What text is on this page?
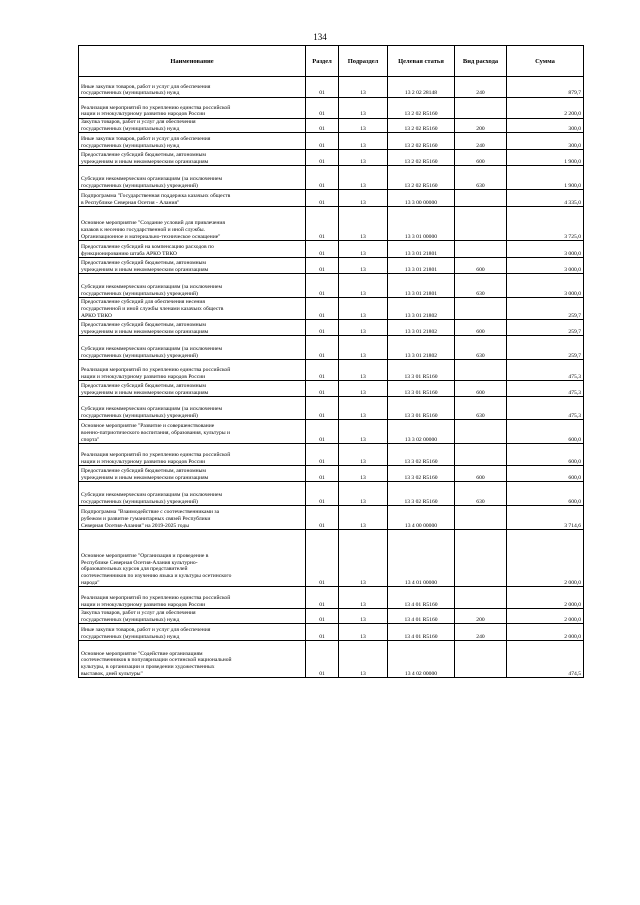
134
Наименование	Раздел	Подраздел	Целевая статья	Вид расхода	Сумма
Иные закупки товаров, работ и услуг для обеспечения
государственных (муниципальных) нужд	01	13	13 2 02 28148	240	879,7
Реализация мероприятий по укреплению единства российской
нации и этнокультурному развитию народов России	01	13	13 2 02 R5160		2 200,0
Закупка товаров, работ и услуг для обеспечения
государственных (муниципальных) нужд	01	13	13 2 02 R5160	200	300,0
Иные закупки товаров, работ и услуг для обеспечения
государственных (муниципальных) нужд	01	13	13 2 02 R5160	240	300,0
Предоставление субсидий бюджетным, автономным
учреждениям и иным некоммерческим организациям	01	13	13 2 02 R5160	600	1 900,0
Субсидии некоммерческим организациям (за исключением
государственных (муниципальных) учреждений)	01	13	13 2 02 R5160	630	1 900,0
Подпрограмма "Государственная поддержка казачьих обществ
в Республике Северная Осетия - Алания"	01	13	13 3 00 00000		4 335,0
Основное мероприятие "Создание условий для привлечения
казаков к несению государственной и иной службы.
Организационное и материально-техническое оснащение"	01	13	13 3 01 00000		3 725,0
Предоставление субсидий на компенсацию расходов по
функционированию штаба АРКО ТВКО	01	13	13 3 01 21801		3 000,0
Предоставление субсидий бюджетным, автономным
учреждениям и иным некоммерческим организациям	01	13	13 3 01 21801	600	3 000,0
Субсидии некоммерческим организациям (за исключением
государственных (муниципальных) учреждений)	01	13	13 3 01 21801	630	3 000,0
Предоставление субсидий для обеспечения несения
государственной и иной службы членами казачьих обществ
АРКО ТВКО	01	13	13 3 01 21802		259,7
Предоставление субсидий бюджетным, автономным
учреждениям и иным некоммерческим организациям	01	13	13 3 01 21802	600	259,7
Субсидии некоммерческим организациям (за исключением
государственных (муниципальных) учреждений)	01	13	13 3 01 21802	630	259,7
Реализация мероприятий по укреплению единства российской
нации и этнокультурному развитию народов России	01	13	13 3 01 R5160		475,3
Предоставление субсидий бюджетным, автономным
учреждениям и иным некоммерческим организациям	01	13	13 3 01 R5160	600	475,3
Субсидии некоммерческим организациям (за исключением
государственных (муниципальных) учреждений)	01	13	13 3 01 R5160	630	475,3
Основное мероприятие "Развитие и совершенствование
военно-патриотического воспитания, образования, культуры и
спорта"	01	13	13 3 02 00000		600,0
Реализация мероприятий по укреплению единства российской
нации и этнокультурному развитию народов России	01	13	13 3 02 R5160		600,0
Предоставление субсидий бюджетным, автономным
учреждениям и иным некоммерческим организациям	01	13	13 3 02 R5160	600	600,0
Субсидии некоммерческим организациям (за исключением
государственных (муниципальных) учреждений)	01	13	13 3 02 R5160	630	600,0
Подпрограмма "Взаимодействие с соотечественниками за
рубежом и развитие гуманитарных связей Республики
Северная Осетия-Алания" на 2019-2025 годы	01	13	13 4 00 00000		3 714,6
Основное мероприятие "Организация и проведение в
Республике Северная Осетия-Алания культурно-
образовательных курсов для представителей
соотечественников по изучению языка и культуры осетинского
народа"	01	13	13 4 01 00000		2 000,0
Реализация мероприятий по укреплению единства российской
нации и этнокультурному развитию народов России	01	13	13 4 01 R5160		2 000,0
Закупка товаров, работ и услуг для обеспечения
государственных (муниципальных) нужд	01	13	13 4 01 R5160	200	2 000,0
Иные закупки товаров, работ и услуг для обеспечения
государственных (муниципальных) нужд	01	13	13 4 01 R5160	240	2 000,0
Основное мероприятие "Содействие организациям
соотечественников в популяризации осетинской национальной
культуры, в организации и проведении художественных
выставок, дней культуры"	01	13	13 4 02 00000		474,5
